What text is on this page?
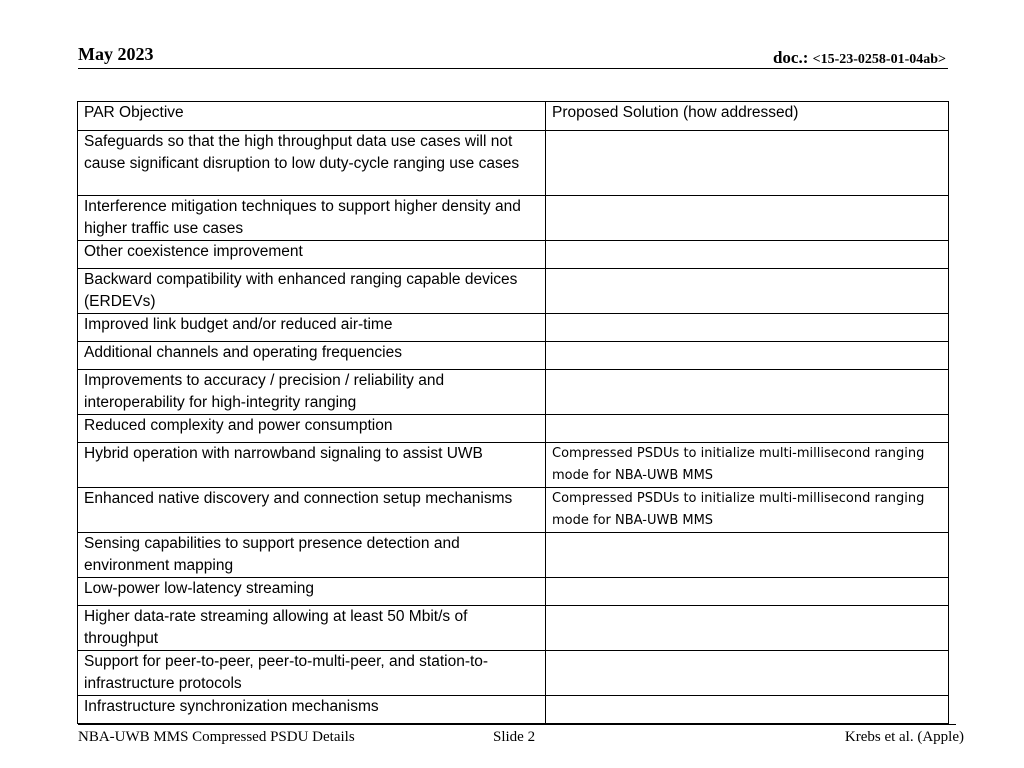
May 2023	doc.: <15-23-0258-01-04ab>
PAR Objective	Proposed Solution (how addressed)
Safeguards so that the high throughput data use cases will not cause significant disruption to low duty-cycle ranging use cases	

Interference mitigation techniques to support higher density and higher traffic use cases	

Other coexistence improvement	

Backward compatibility with enhanced ranging capable devices (ERDEVs)	

Improved link budget and/or reduced air-time	

Additional channels and operating frequencies	

Improvements to accuracy / precision / reliability and interoperability for high-integrity ranging	

Reduced complexity and power consumption	

Hybrid operation with narrowband signaling to assist UWB	Compressed PSDUs to initialize multi-millisecond ranging mode for NBA-UWB MMS

Enhanced native discovery and connection setup mechanisms	Compressed PSDUs to initialize multi-millisecond ranging mode for NBA-UWB MMS

Sensing capabilities to support presence detection and environment mapping	

Low-power low-latency streaming	

Higher data-rate streaming allowing at least 50 Mbit/s of throughput	

Support for peer-to-peer, peer-to-multi-peer, and station-to-infrastructure protocols	

Infrastructure synchronization mechanisms	
NBA-UWB MMS Compressed PSDU Details	Slide 2	Krebs et al. (Apple)
